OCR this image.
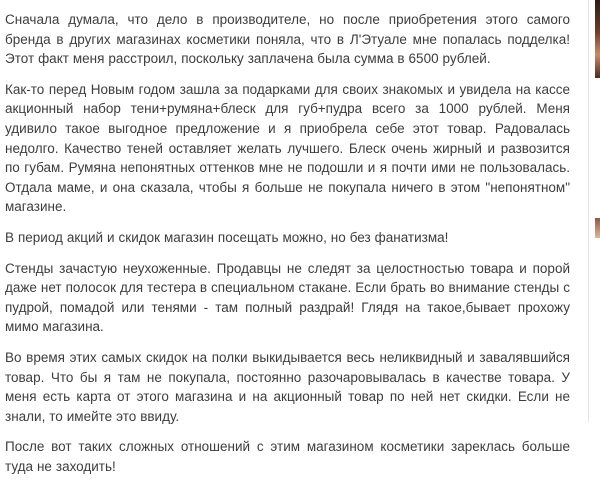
Сначала думала, что дело в производителе, но после приобретения этого самого бренда в других магазинах косметики поняла, что в Л'Этуале мне попалась подделка! Этот факт меня расстроил, поскольку заплачена была сумма в 6500 рублей.

Как-то перед Новым годом зашла за подарками для своих знакомых и увидела на кассе акционный набор тени+румяна+блеск для губ+пудра всего за 1000 рублей. Меня удивило такое выгодное предложение и я приобрела себе этот товар. Радовалась недолго. Качество теней оставляет желать лучшего. Блеск очень жирный и развозится по губам. Румяна непонятных оттенков мне не подошли и я почти ими не пользовалась. Отдала маме, и она сказала, чтобы я больше не покупала ничего в этом "непонятном" магазине.

В период акций и скидок магазин посещать можно, но без фанатизма!

Стенды зачастую неухоженные. Продавцы не следят за целостностью товара и порой даже нет полосок для тестера в специальном стакане. Если брать во внимание стенды с пудрой, помадой или тенями - там полный раздрай! Глядя на такое,бывает прохожу мимо магазина.

Во время этих самых скидок на полки выкидывается весь неликвидный и завалявшийся товар. Что бы я там не покупала, постоянно разочаровывалась в качестве товара. У меня есть карта от этого магазина и на акционный товар по ней нет скидки. Если не знали, то имейте это ввиду.

После вот таких сложных отношений с этим магазином косметики зареклась больше туда не заходить!
